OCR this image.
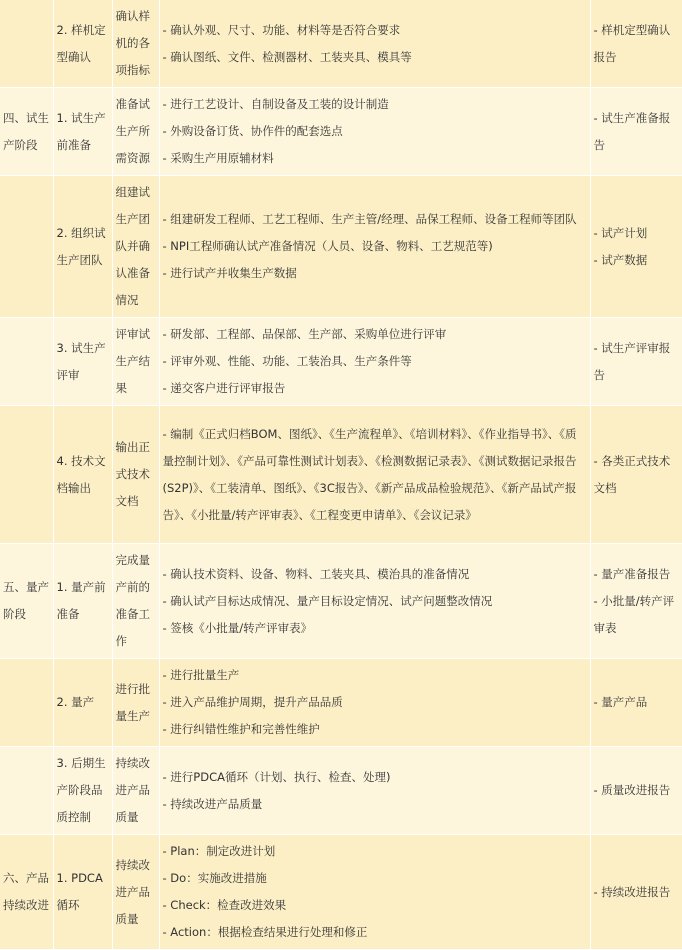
	2. 样机定型确认	确认样机的各项指标	- 确认外观、尺寸、功能、材料等是否符合要求
- 确认图纸、文件、检测器材、工装夹具、模具等	- 样机定型确认报告
四、试生产阶段	1. 试生产前准备	准备试生产所需资源	- 进行工艺设计、自制设备及工装的设计制造
- 外购设备订货、协作件的配套选点
- 采购生产用原辅材料	- 试生产准备报告
	2. 组织试生产团队	组建试生产团队并确认准备情况	- 组建研发工程师、工艺工程师、生产主管/经理、品保工程师、设备工程师等团队
- NPI工程师确认试产准备情况（人员、设备、物料、工艺规范等)
- 进行试产并收集生产数据	- 试产计划
- 试产数据
	3. 试生产评审	评审试生产结果	- 研发部、工程部、品保部、生产部、采购单位进行评审
- 评审外观、性能、功能、工装治具、生产条件等
- 递交客户进行评审报告	- 试生产评审报告
	4. 技术文档输出	输出正式技术文档	- 编制《正式归档BOM、图纸》、《生产流程单》、《培训材料》、《作业指导书》、《质量控制计划》、《产品可靠性测试计划表》、《检测数据记录表》、《测试数据记录报告(S2P)》、《工装清单、图纸》、《3C报告》、《新产品成品检验规范》、《新产品试产报告》、《小批量/转产评审表》、《工程变更申请单》、《会议记录》	- 各类正式技术文档
五、量产阶段	1. 量产前准备	完成量产前的准备工作	- 确认技术资料、设备、物料、工装夹具、模治具的准备情况
- 确认试产目标达成情况、量产目标设定情况、试产问题整改情况
- 签核《小批量/转产评审表》	- 量产准备报告
- 小批量/转产评审表
	2. 量产	进行批量生产	- 进行批量生产
- 进入产品维护周期，提升产品品质
- 进行纠错性维护和完善性维护	- 量产产品
	3. 后期生产阶段品质控制	持续改进产品质量	- 进行PDCA循环（计划、执行、检查、处理)
- 持续改进产品质量	- 质量改进报告
六、产品持续改进	1. PDCA循环	持续改进产品质量	- Plan：制定改进计划
- Do：实施改进措施
- Check：检查改进效果
- Action：根据检查结果进行处理和修正	- 持续改进报告
